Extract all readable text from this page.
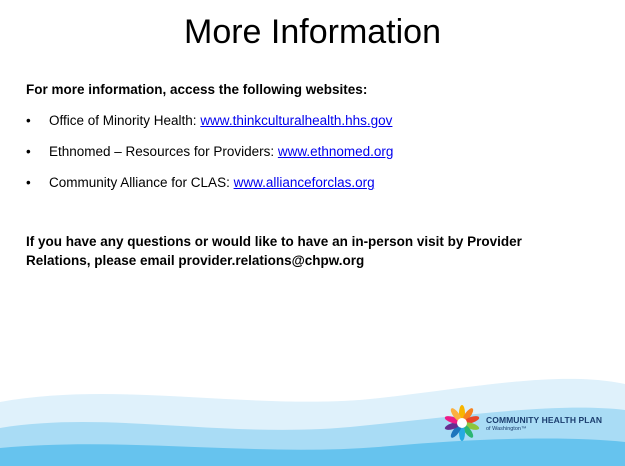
More Information
For more information, access the following websites:
• Office of Minority Health: www.thinkculturalhealth.hhs.gov
• Ethnomed – Resources for Providers: www.ethnomed.org
• Community Alliance for CLAS: www.allianceforclas.org
If you have any questions or would like to have an in-person visit by Provider Relations, please email provider.relations@chpw.org
COMMUNITY HEALTH PLAN
of Washington™
